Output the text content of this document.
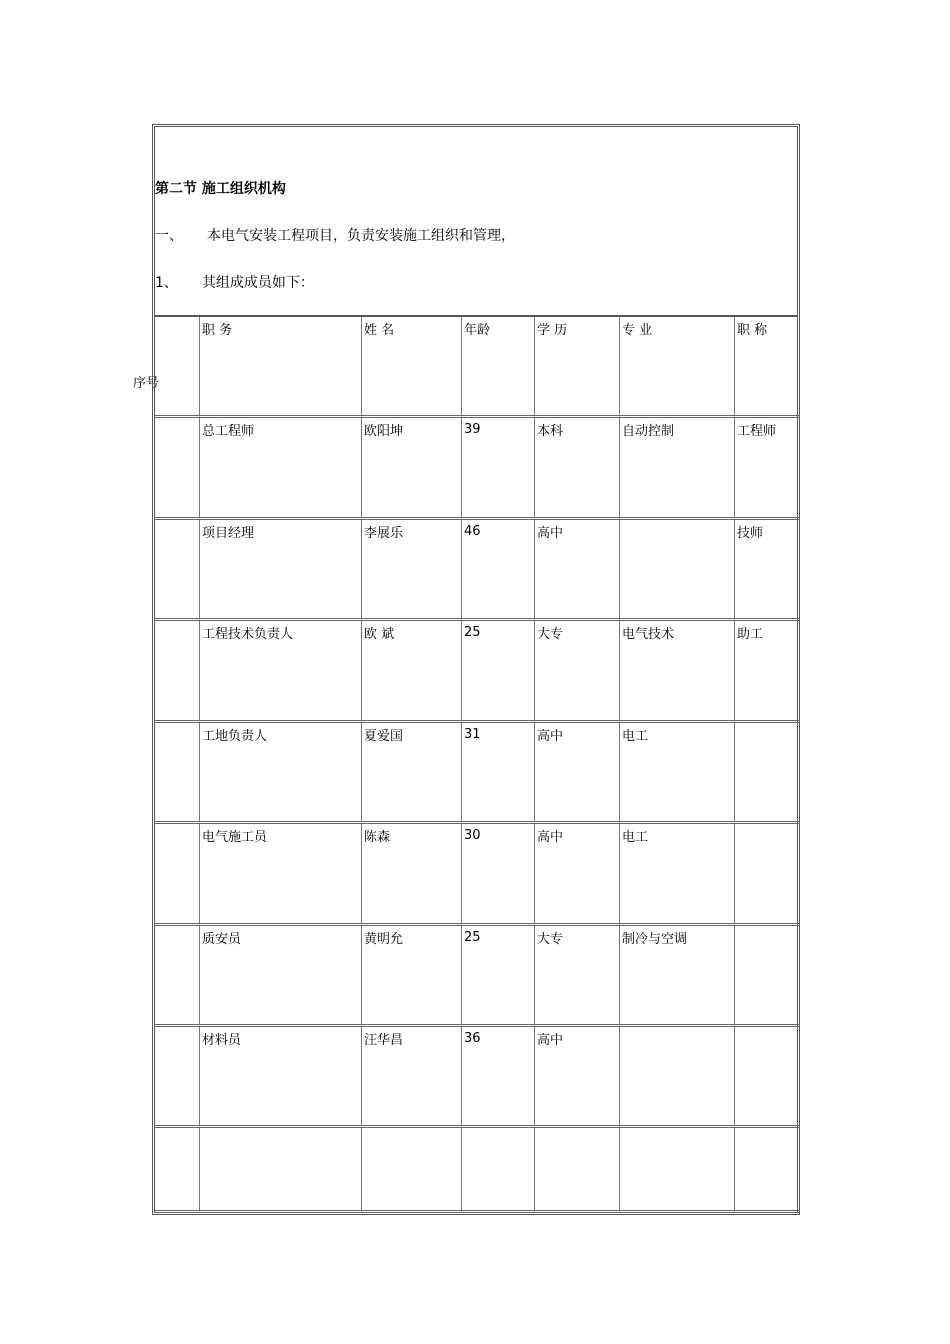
序号
第二节 施工组织机构
一、 本电气安装工程项目，负责安装施工组织和管理，
1、 其组成成员如下：
	职 务	姓 名	年龄	学 历	专 业	职 称
	总工程师	欧阳坤	39	本科	自动控制	工程师
	项目经理	李展乐	46	高中		技师
	工程技术负责人	欧 斌	25	大专	电气技术	助工
	工地负责人	夏爱国	31	高中	电工	
	电气施工员	陈森	30	高中	电工	
	质安员	黄明允	25	大专	制冷与空调	
	材料员	汪华昌	36	高中		
